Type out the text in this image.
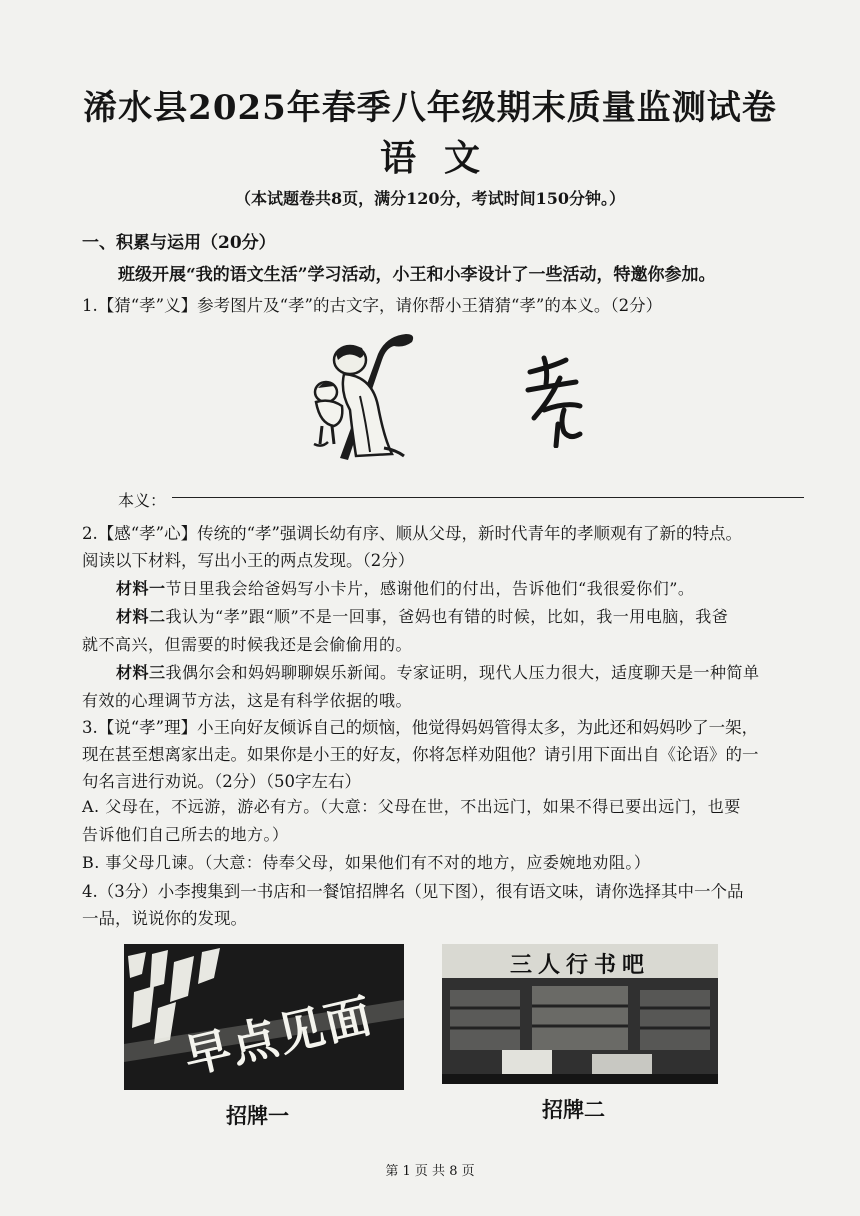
浠水县2025年春季八年级期末质量监测试卷
语文
（本试题卷共8页，满分120分，考试时间150分钟。）
一、积累与运用（20分）
班级开展“我的语文生活”学习活动，小王和小李设计了一些活动，特邀你参加。
1.【猜“孝”义】参考图片及“孝”的古文字，请你帮小王猜猜“孝”的本义。（2分）
本义：
2.【感“孝”心】传统的“孝”强调长幼有序、顺从父母，新时代青年的孝顺观有了新的特点。
阅读以下材料，写出小王的两点发现。（2分）
材料一节日里我会给爸妈写小卡片，感谢他们的付出，告诉他们“我很爱你们”。
材料二我认为“孝”跟“顺”不是一回事，爸妈也有错的时候，比如，我一用电脑，我爸
就不高兴，但需要的时候我还是会偷偷用的。
材料三我偶尔会和妈妈聊聊娱乐新闻。专家证明，现代人压力很大，适度聊天是一种简单
有效的心理调节方法，这是有科学依据的哦。
3.【说“孝”理】小王向好友倾诉自己的烦恼，他觉得妈妈管得太多，为此还和妈妈吵了一架，
现在甚至想离家出走。如果你是小王的好友，你将怎样劝阻他？请引用下面出自《论语》的一
句名言进行劝说。（2分）（50字左右）
A. 父母在，不远游，游必有方。（大意：父母在世，不出远门，如果不得已要出远门，也要
告诉他们自己所去的地方。）
B. 事父母几谏。（大意：侍奉父母，如果他们有不对的地方，应委婉地劝阻。）
4.（3分）小李搜集到一书店和一餐馆招牌名（见下图），很有语文味，请你选择其中一个品
一品，说说你的发现。
早点见面
招牌一
三人行书吧
招牌二
第 1 页 共 8 页
